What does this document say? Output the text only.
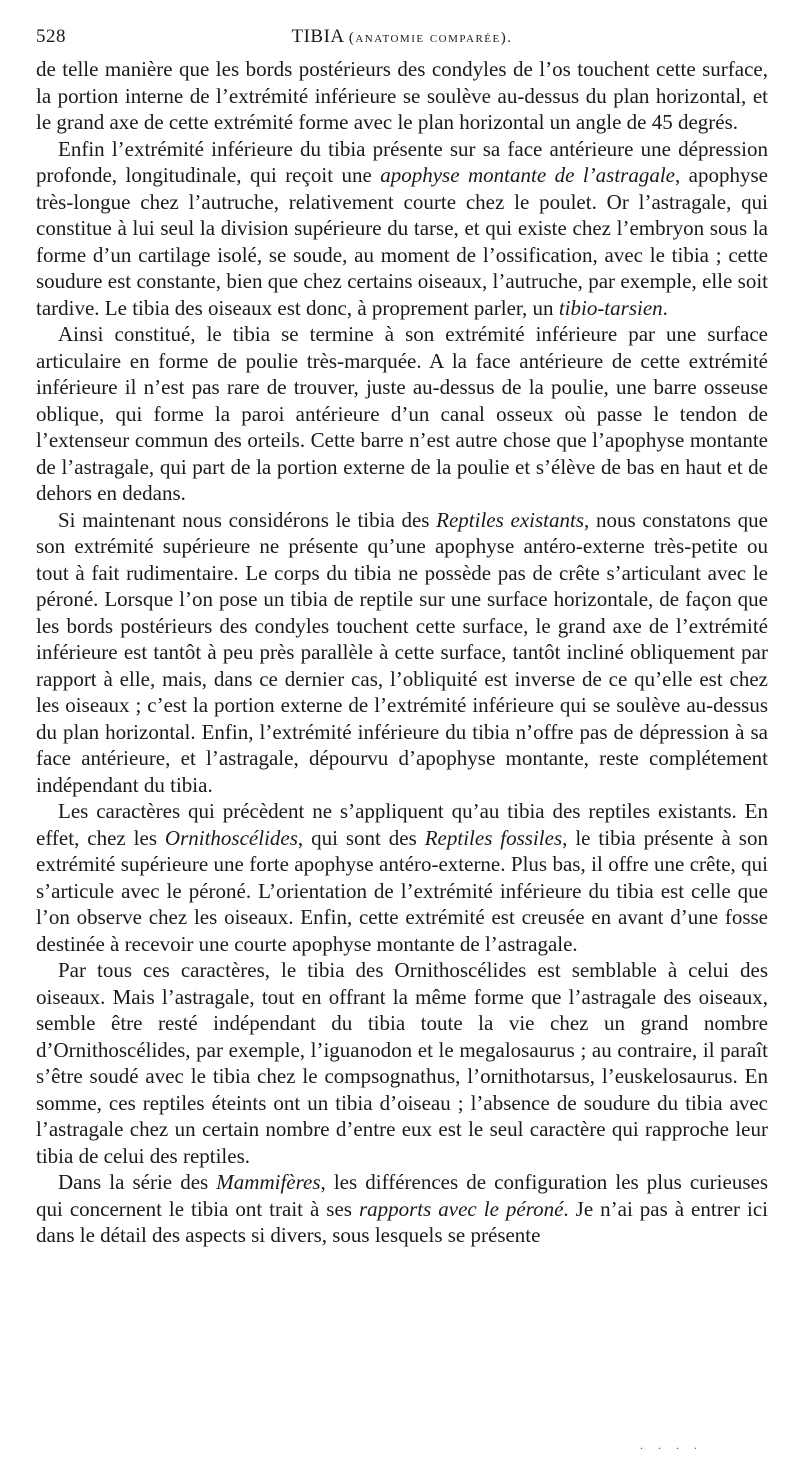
528	TIBIA (anatomie comparée).

de telle manière que les bords postérieurs des condyles de l’os touchent cette surface, la portion interne de l’extrémité inférieure se soulève au-dessus du plan horizontal, et le grand axe de cette extrémité forme avec le plan horizontal un angle de 45 degrés.

Enfin l’extrémité inférieure du tibia présente sur sa face antérieure une dépression profonde, longitudinale, qui reçoit une apophyse montante de l’astragale, apophyse très-longue chez l’autruche, relativement courte chez le poulet. Or l’astragale, qui constitue à lui seul la division supérieure du tarse, et qui existe chez l’embryon sous la forme d’un cartilage isolé, se soude, au moment de l’ossification, avec le tibia ; cette soudure est constante, bien que chez certains oiseaux, l’autruche, par exemple, elle soit tardive. Le tibia des oiseaux est donc, à proprement parler, un tibio-tarsien.

Ainsi constitué, le tibia se termine à son extrémité inférieure par une surface articulaire en forme de poulie très-marquée. A la face antérieure de cette extrémité inférieure il n’est pas rare de trouver, juste au-dessus de la poulie, une barre osseuse oblique, qui forme la paroi antérieure d’un canal osseux où passe le tendon de l’extenseur commun des orteils. Cette barre n’est autre chose que l’apophyse montante de l’astragale, qui part de la portion externe de la poulie et s’élève de bas en haut et de dehors en dedans.

Si maintenant nous considérons le tibia des Reptiles existants, nous constatons que son extrémité supérieure ne présente qu’une apophyse antéro-externe très-petite ou tout à fait rudimentaire. Le corps du tibia ne possède pas de crête s’articulant avec le péroné. Lorsque l’on pose un tibia de reptile sur une surface horizontale, de façon que les bords postérieurs des condyles touchent cette surface, le grand axe de l’extrémité inférieure est tantôt à peu près parallèle à cette surface, tantôt incliné obliquement par rapport à elle, mais, dans ce dernier cas, l’obliquité est inverse de ce qu’elle est chez les oiseaux ; c’est la portion externe de l’extrémité inférieure qui se soulève au-dessus du plan horizontal. Enfin, l’extrémité inférieure du tibia n’offre pas de dépression à sa face antérieure, et l’astragale, dépourvu d’apophyse montante, reste complétement indépendant du tibia.

Les caractères qui précèdent ne s’appliquent qu’au tibia des reptiles existants. En effet, chez les Ornithoscélides, qui sont des Reptiles fossiles, le tibia présente à son extrémité supérieure une forte apophyse antéro-externe. Plus bas, il offre une crête, qui s’articule avec le péroné. L’orientation de l’extrémité inférieure du tibia est celle que l’on observe chez les oiseaux. Enfin, cette extrémité est creusée en avant d’une fosse destinée à recevoir une courte apophyse montante de l’astragale.

Par tous ces caractères, le tibia des Ornithoscélides est semblable à celui des oiseaux. Mais l’astragale, tout en offrant la même forme que l’astragale des oiseaux, semble être resté indépendant du tibia toute la vie chez un grand nombre d’Ornithoscélides, par exemple, l’iguanodon et le megalosaurus ; au contraire, il paraît s’être soudé avec le tibia chez le compsognathus, l’ornithotarsus, l’euskelosaurus. En somme, ces reptiles éteints ont un tibia d’oiseau ; l’absence de soudure du tibia avec l’astragale chez un certain nombre d’entre eux est le seul caractère qui rapproche leur tibia de celui des reptiles.

Dans la série des Mammifères, les différences de configuration les plus curieuses qui concernent le tibia ont trait à ses rapports avec le péroné. Je n’ai pas à entrer ici dans le détail des aspects si divers, sous lesquels se présente

. . . .
